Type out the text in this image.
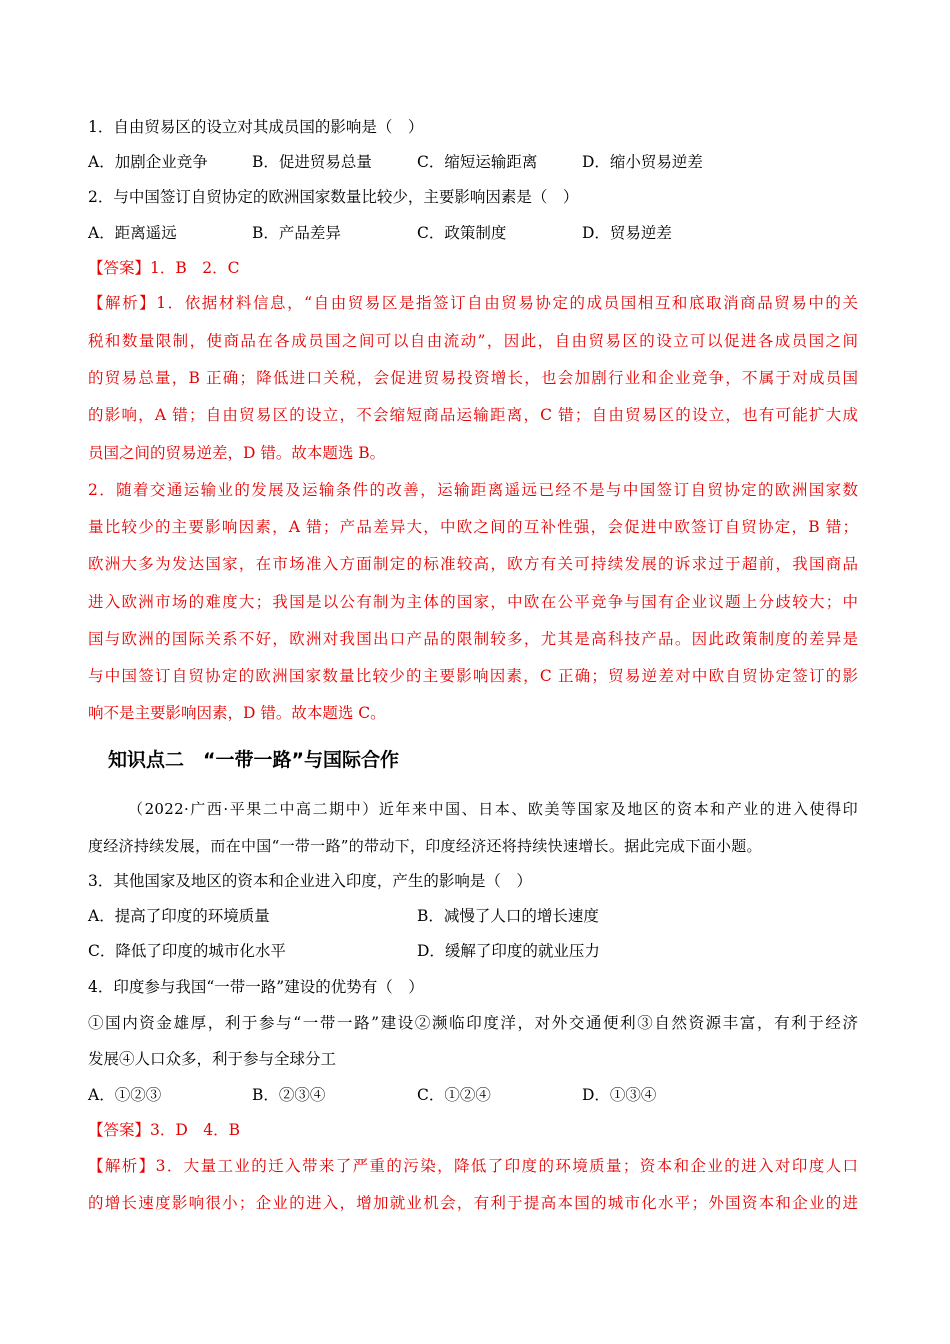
1．自由贸易区的设立对其成员国的影响是（　）
A．加剧企业竞争	B．促进贸易总量	C．缩短运输距离	D．缩小贸易逆差
2．与中国签订自贸协定的欧洲国家数量比较少，主要影响因素是（　）
A．距离遥远	B．产品差异	C．政策制度	D．贸易逆差
【答案】1．B　2．C
【解析】1．依据材料信息，“自由贸易区是指签订自由贸易协定的成员国相互和底取消商品贸易中的关
税和数量限制，使商品在各成员国之间可以自由流动”，因此，自由贸易区的设立可以促进各成员国之间
的贸易总量，B 正确；降低进口关税，会促进贸易投资增长，也会加剧行业和企业竞争，不属于对成员国
的影响，A 错；自由贸易区的设立，不会缩短商品运输距离，C 错；自由贸易区的设立，也有可能扩大成
员国之间的贸易逆差，D 错。故本题选 B。
2．随着交通运输业的发展及运输条件的改善，运输距离遥远已经不是与中国签订自贸协定的欧洲国家数
量比较少的主要影响因素，A 错；产品差异大，中欧之间的互补性强，会促进中欧签订自贸协定，B 错；
欧洲大多为发达国家，在市场准入方面制定的标准较高，欧方有关可持续发展的诉求过于超前，我国商品
进入欧洲市场的难度大；我国是以公有制为主体的国家，中欧在公平竞争与国有企业议题上分歧较大；中
国与欧洲的国际关系不好，欧洲对我国出口产品的限制较多，尤其是高科技产品。因此政策制度的差异是
与中国签订自贸协定的欧洲国家数量比较少的主要影响因素，C 正确；贸易逆差对中欧自贸协定签订的影
响不是主要影响因素，D 错。故本题选 C。
知识点二　“一带一路”与国际合作
（2022·广西·平果二中高二期中）近年来中国、日本、欧美等国家及地区的资本和产业的进入使得印
度经济持续发展，而在中国“一带一路”的带动下，印度经济还将持续快速增长。据此完成下面小题。
3．其他国家及地区的资本和企业进入印度，产生的影响是（　）
A．提高了印度的环境质量	B．减慢了人口的增长速度
C．降低了印度的城市化水平	D．缓解了印度的就业压力
4．印度参与我国“一带一路”建设的优势有（　）
①国内资金雄厚，利于参与“一带一路”建设②濒临印度洋，对外交通便利③自然资源丰富，有利于经济
发展④人口众多，利于参与全球分工
A．①②③	B．②③④	C．①②④	D．①③④
【答案】3．D　4．B
【解析】3．大量工业的迁入带来了严重的污染，降低了印度的环境质量；资本和企业的进入对印度人口
的增长速度影响很小；企业的进入，增加就业机会，有利于提高本国的城市化水平；外国资本和企业的进
